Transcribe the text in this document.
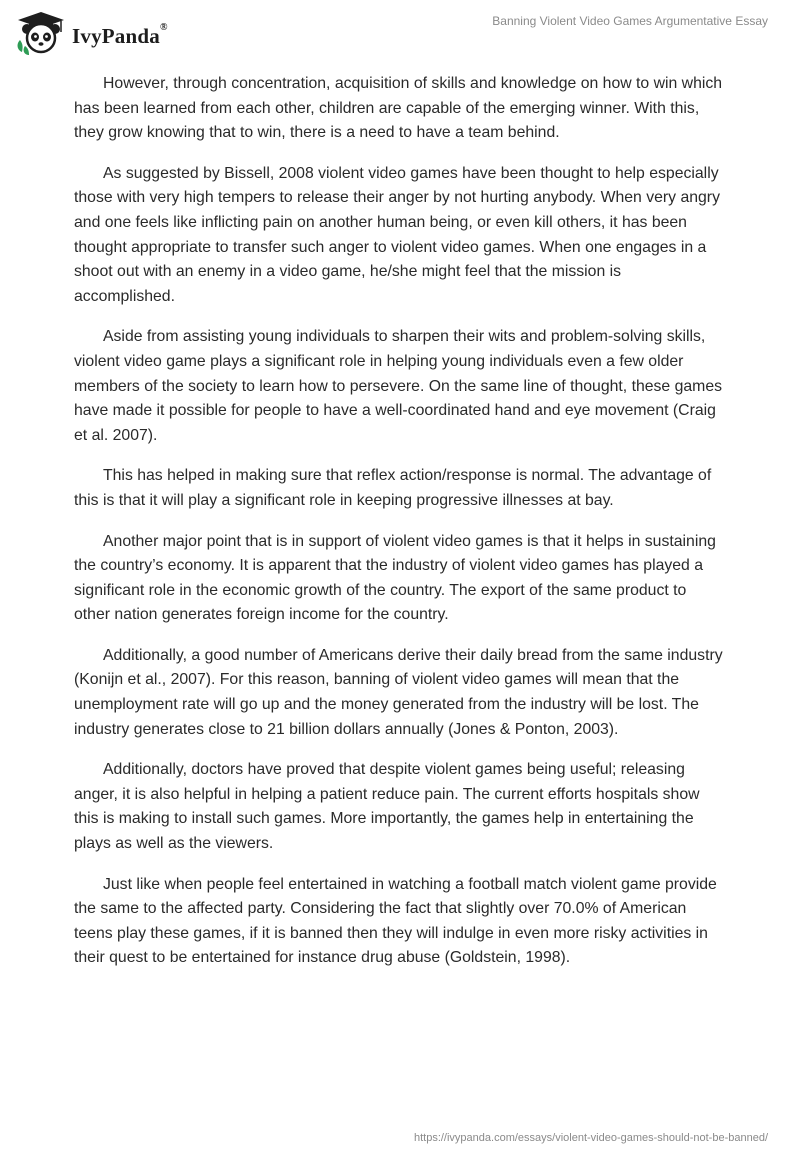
IvyPanda®	Banning Violent Video Games Argumentative Essay

However, through concentration, acquisition of skills and knowledge on how to win which has been learned from each other, children are capable of the emerging winner. With this, they grow knowing that to win, there is a need to have a team behind.

As suggested by Bissell, 2008 violent video games have been thought to help especially those with very high tempers to release their anger by not hurting anybody. When very angry and one feels like inflicting pain on another human being, or even kill others, it has been thought appropriate to transfer such anger to violent video games. When one engages in a shoot out with an enemy in a video game, he/she might feel that the mission is accomplished.

Aside from assisting young individuals to sharpen their wits and problem-solving skills, violent video game plays a significant role in helping young individuals even a few older members of the society to learn how to persevere. On the same line of thought, these games have made it possible for people to have a well-coordinated hand and eye movement (Craig et al. 2007).

This has helped in making sure that reflex action/response is normal. The advantage of this is that it will play a significant role in keeping progressive illnesses at bay.

Another major point that is in support of violent video games is that it helps in sustaining the country’s economy. It is apparent that the industry of violent video games has played a significant role in the economic growth of the country. The export of the same product to other nation generates foreign income for the country.

Additionally, a good number of Americans derive their daily bread from the same industry (Konijn et al., 2007). For this reason, banning of violent video games will mean that the unemployment rate will go up and the money generated from the industry will be lost. The industry generates close to 21 billion dollars annually (Jones & Ponton, 2003).

Additionally, doctors have proved that despite violent games being useful; releasing anger, it is also helpful in helping a patient reduce pain. The current efforts hospitals show this is making to install such games. More importantly, the games help in entertaining the plays as well as the viewers.

Just like when people feel entertained in watching a football match violent game provide the same to the affected party. Considering the fact that slightly over 70.0% of American teens play these games, if it is banned then they will indulge in even more risky activities in their quest to be entertained for instance drug abuse (Goldstein, 1998).

https://ivypanda.com/essays/violent-video-games-should-not-be-banned/
